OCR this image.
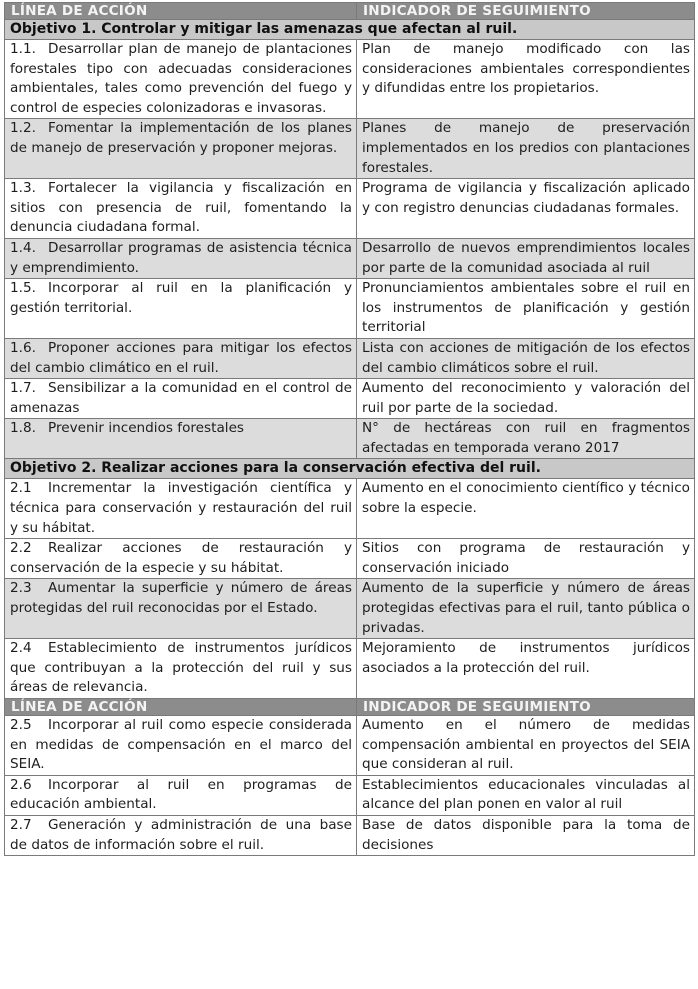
LÍNEA DE ACCIÓN	INDICADOR DE SEGUIMIENTO
Objetivo 1. Controlar y mitigar las amenazas que afectan al ruil.	
1.1. Desarrollar plan de manejo de plantaciones forestales tipo con adecuadas consideraciones ambientales, tales como prevención del fuego y control de especies colonizadoras e invasoras.	Plan de manejo modificado con las consideraciones ambientales correspondientes y difundidas entre los propietarios.
1.2. Fomentar la implementación de los planes de manejo de preservación y proponer mejoras.	Planes de manejo de preservación implementados en los predios con plantaciones forestales.
1.3. Fortalecer la vigilancia y fiscalización en sitios con presencia de ruil, fomentando la denuncia ciudadana formal.	Programa de vigilancia y fiscalización aplicado y con registro denuncias ciudadanas formales.
1.4. Desarrollar programas de asistencia técnica y emprendimiento.	Desarrollo de nuevos emprendimientos locales por parte de la comunidad asociada al ruil
1.5. Incorporar al ruil en la planificación y gestión territorial.	Pronunciamientos ambientales sobre el ruil en los instrumentos de planificación y gestión territorial
1.6. Proponer acciones para mitigar los efectos del cambio climático en el ruil.	Lista con acciones de mitigación de los efectos del cambio climáticos sobre el ruil.
1.7. Sensibilizar a la comunidad en el control de amenazas	Aumento del reconocimiento y valoración del ruil por parte de la sociedad.
1.8. Prevenir incendios forestales	N° de hectáreas con ruil en fragmentos afectadas en temporada verano 2017
Objetivo 2. Realizar acciones para la conservación efectiva del ruil.	
2.1 Incrementar la investigación científica y técnica para conservación y restauración del ruil y su hábitat.	Aumento en el conocimiento científico y técnico sobre la especie.
2.2 Realizar acciones de restauración y conservación de la especie y su hábitat.	Sitios con programa de restauración y conservación iniciado
2.3 Aumentar la superficie y número de áreas protegidas del ruil reconocidas por el Estado.	Aumento de la superficie y número de áreas protegidas efectivas para el ruil, tanto pública o privadas.
2.4 Establecimiento de instrumentos jurídicos que contribuyan a la protección del ruil y sus áreas de relevancia.	Mejoramiento de instrumentos jurídicos asociados a la protección del ruil.
LÍNEA DE ACCIÓN	INDICADOR DE SEGUIMIENTO
2.5 Incorporar al ruil como especie considerada en medidas de compensación en el marco del SEIA.	Aumento en el número de medidas compensación ambiental en proyectos del SEIA que consideran al ruil.
2.6 Incorporar al ruil en programas de educación ambiental.	Establecimientos educacionales vinculadas al alcance del plan ponen en valor al ruil
2.7 Generación y administración de una base de datos de información sobre el ruil.	Base de datos disponible para la toma de decisiones
